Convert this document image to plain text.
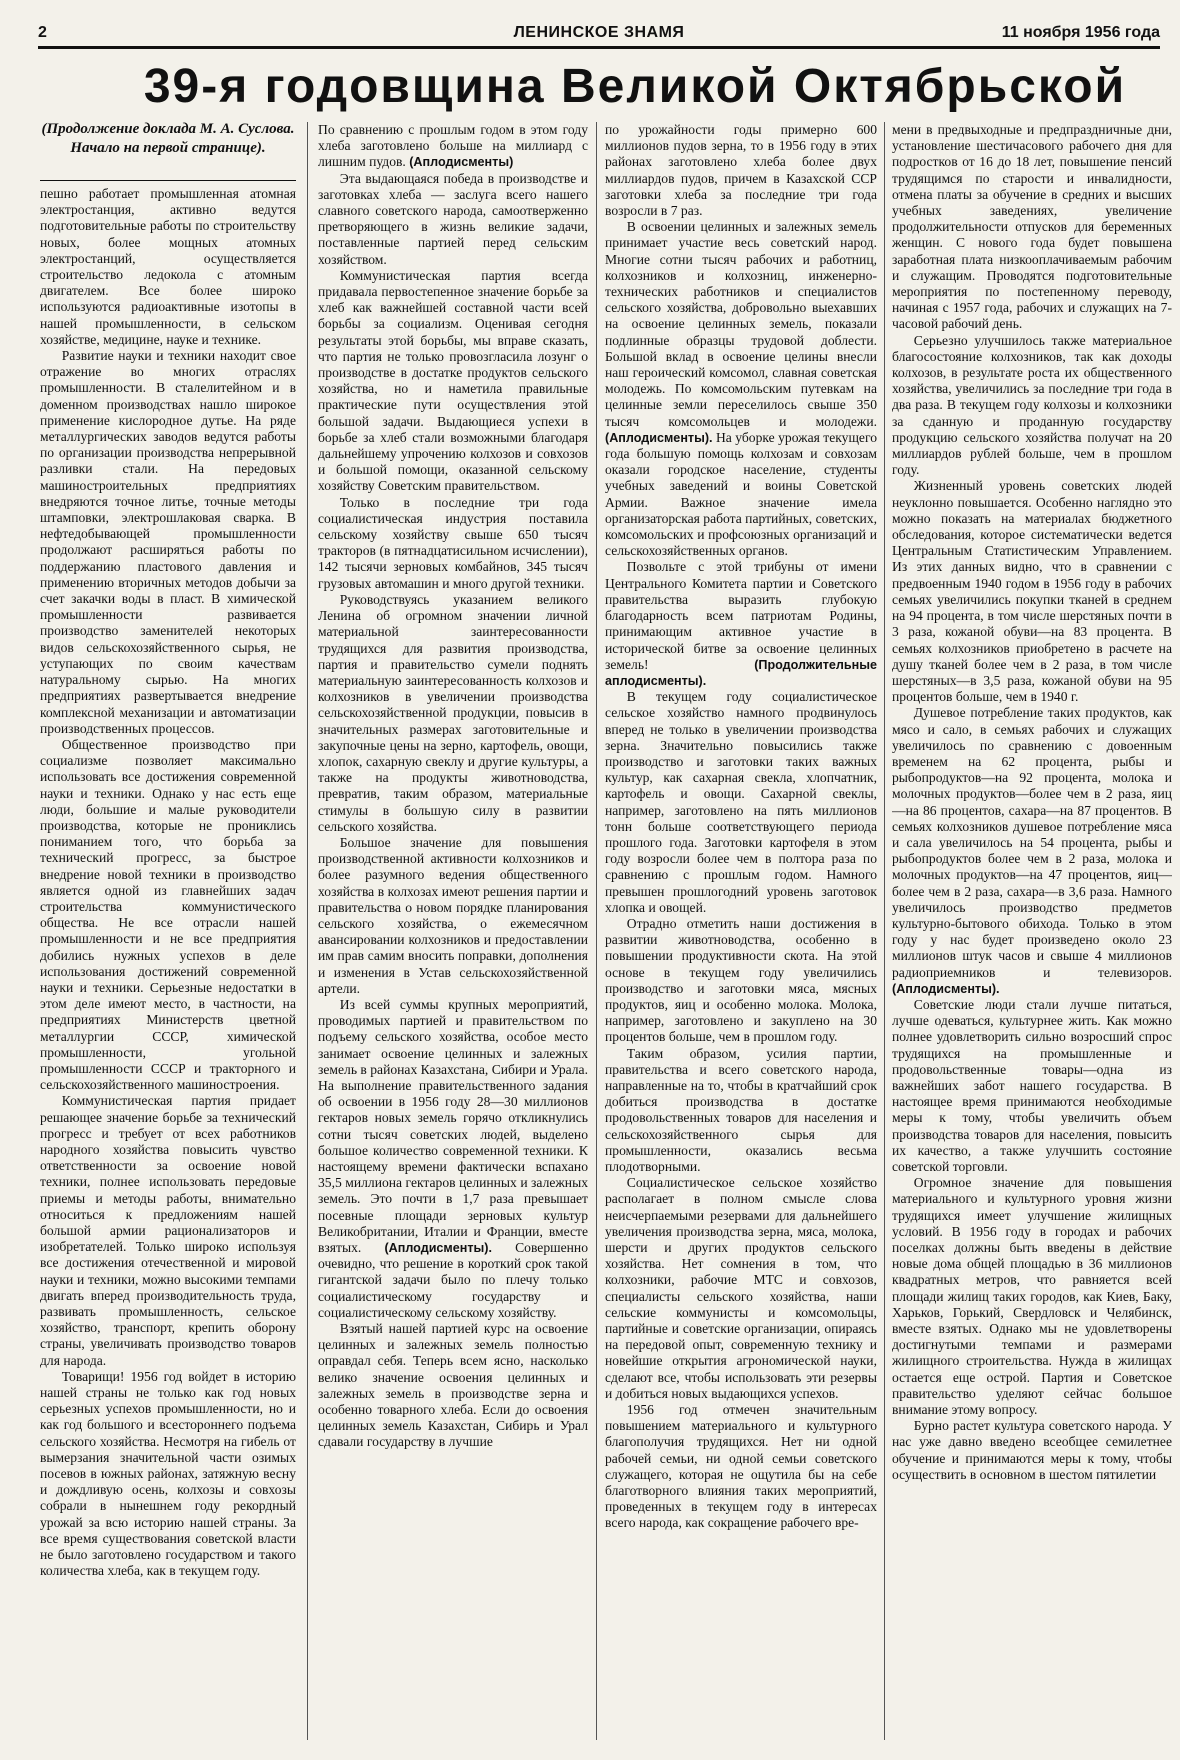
2	ЛЕНИНСКОЕ ЗНАМЯ	11 ноября 1956 года
39-я годовщина Великой Октябрьской
(Продолжение доклада М. А. Суслова. Начало на первой странице).

пешно работает промышленная атомная электростанция, активно ведутся подготовительные работы по строительству новых, более мощных атомных электростанций, осуществляется строительство ледокола с атомным двигателем. Все более широко используются радиоактивные изотопы в нашей промышленности, в сельском хозяйстве, медицине, науке и технике.

Развитие науки и техники находит свое отражение во многих отраслях промышленности. В сталелитейном и в доменном производствах нашло широкое применение кислородное дутье. На ряде металлургических заводов ведутся работы по организации производства непрерывной разливки стали. На передовых машиностроительных предприятиях внедряются точное литье, точные методы штамповки, электрошлаковая сварка. В нефтедобывающей промышленности продолжают расширяться работы по поддержанию пластового давления и применению вторичных методов добычи за счет закачки воды в пласт. В химической промышленности развивается производство заменителей некоторых видов сельскохозяйственного сырья, не уступающих по своим качествам натуральному сырью. На многих предприятиях развертывается внедрение комплексной механизации и автоматизации производственных процессов.

Общественное производство при социализме позволяет максимально использовать все достижения современной науки и техники. Однако у нас есть еще люди, большие и малые руководители производства, которые не прониклись пониманием того, что борьба за технический прогресс, за быстрое внедрение новой техники в производство является одной из главнейших задач строительства коммунистического общества. Не все отрасли нашей промышленности и не все предприятия добились нужных успехов в деле использования достижений современной науки и техники. Серьезные недостатки в этом деле имеют место, в частности, на предприятиях Министерств цветной металлургии СССР, химической промышленности, угольной промышленности СССР и тракторного и сельскохозяйственного машиностроения.

Коммунистическая партия придает решающее значение борьбе за технический прогресс и требует от всех работников народного хозяйства повысить чувство ответственности за освоение новой техники, полнее использовать передовые приемы и методы работы, внимательно относиться к предложениям нашей большой армии рационализаторов и изобретателей. Только широко используя все достижения отечественной и мировой науки и техники, можно высокими темпами двигать вперед производительность труда, развивать промышленность, сельское хозяйство, транспорт, крепить оборону страны, увеличивать производство товаров для народа.

Товарищи! 1956 год войдет в историю нашей страны не только как год новых серьезных успехов промышленности, но и как год большого и всестороннего подъема сельского хозяйства. Несмотря на гибель от вымерзания значительной части озимых посевов в южных районах, затяжную весну и дождливую осень, колхозы и совхозы собрали в нынешнем году рекордный урожай за всю историю нашей страны. За все время существования советской власти не было заготовлено государством и такого количества хлеба, как в текущем году.

По сравнению с прошлым годом в этом году хлеба заготовлено больше на миллиард с лишним пудов. (Аплодисменты)

Эта выдающаяся победа в производстве и заготовках хлеба — заслуга всего нашего славного советского народа, самоотверженно претворяющего в жизнь великие задачи, поставленные партией перед сельским хозяйством.

Коммунистическая партия всегда придавала первостепенное значение борьбе за хлеб как важнейшей составной части всей борьбы за социализм. Оценивая сегодня результаты этой борьбы, мы вправе сказать, что партия не только провозгласила лозунг о производстве в достатке продуктов сельского хозяйства, но и наметила правильные практические пути осуществления этой большой задачи. Выдающиеся успехи в борьбе за хлеб стали возможными благодаря дальнейшему упрочению колхозов и совхозов и большой помощи, оказанной сельскому хозяйству Советским правительством.

Только в последние три года социалистическая индустрия поставила сельскому хозяйству свыше 650 тысяч тракторов (в пятнадцатисильном исчислении), 142 тысячи зерновых комбайнов, 345 тысяч грузовых автомашин и много другой техники.

Руководствуясь указанием великого Ленина об огромном значении личной материальной заинтересованности трудящихся для развития производства, партия и правительство сумели поднять материальную заинтересованность колхозов и колхозников в увеличении производства сельскохозяйственной продукции, повысив в значительных размерах заготовительные и закупочные цены на зерно, картофель, овощи, хлопок, сахарную свеклу и другие культуры, а также на продукты животноводства, превратив, таким образом, материальные стимулы в большую силу в развитии сельского хозяйства.

Большое значение для повышения производственной активности колхозников и более разумного ведения общественного хозяйства в колхозах имеют решения партии и правительства о новом порядке планирования сельского хозяйства, о ежемесячном авансировании колхозников и предоставлении им прав самим вносить поправки, дополнения и изменения в Устав сельскохозяйственной артели.

Из всей суммы крупных мероприятий, проводимых партией и правительством по подъему сельского хозяйства, особое место занимает освоение целинных и залежных земель в районах Казахстана, Сибири и Урала. На выполнение правительственного задания об освоении в 1956 году 28—30 миллионов гектаров новых земель горячо откликнулись сотни тысяч советских людей, выделено большое количество современной техники. К настоящему времени фактически вспахано 35,5 миллиона гектаров целинных и залежных земель. Это почти в 1,7 раза превышает посевные площади зерновых культур Великобритании, Италии и Франции, вместе взятых. (Аплодисменты). Совершенно очевидно, что решение в короткий срок такой гигантской задачи было по плечу только социалистическому государству и социалистическому сельскому хозяйству.

Взятый нашей партией курс на освоение целинных и залежных земель полностью оправдал себя. Теперь всем ясно, насколько велико значение освоения целинных и залежных земель в производстве зерна и особенно товарного хлеба. Если до освоения целинных земель Казахстан, Сибирь и Урал сдавали государству в лучшие

по урожайности годы примерно 600 миллионов пудов зерна, то в 1956 году в этих районах заготовлено хлеба более двух миллиардов пудов, причем в Казахской ССР заготовки хлеба за последние три года возросли в 7 раз.

В освоении целинных и залежных земель принимает участие весь советский народ. Многие сотни тысяч рабочих и работниц, колхозников и колхозниц, инженерно-технических работников и специалистов сельского хозяйства, добровольно выехавших на освоение целинных земель, показали подлинные образцы трудовой доблести. Большой вклад в освоение целины внесли наш героический комсомол, славная советская молодежь. По комсомольским путевкам на целинные земли переселилось свыше 350 тысяч комсомольцев и молодежи. (Аплодисменты). На уборке урожая текущего года большую помощь колхозам и совхозам оказали городское население, студенты учебных заведений и воины Советской Армии. Важное значение имела организаторская работа партийных, советских, комсомольских и профсоюзных организаций и сельскохозяйственных органов.

Позвольте с этой трибуны от имени Центрального Комитета партии и Советского правительства выразить глубокую благодарность всем патриотам Родины, принимающим активное участие в исторической битве за освоение целинных земель!	(Продолжительные аплодисменты).

В текущем году социалистическое сельское хозяйство намного продвинулось вперед не только в увеличении производства зерна. Значительно повысились также производство и заготовки таких важных культур, как сахарная свекла, хлопчатник, картофель и овощи. Сахарной свеклы, например, заготовлено на пять миллионов тонн больше соответствующего периода прошлого года. Заготовки картофеля в этом году возросли более чем в полтора раза по сравнению с прошлым годом. Намного превышен прошлогодний уровень заготовок хлопка и овощей.

Отрадно отметить наши достижения в развитии животноводства, особенно в повышении продуктивности скота. На этой основе в текущем году увеличились производство и заготовки мяса, мясных продуктов, яиц и особенно молока. Молока, например, заготовлено и закуплено на 30 процентов больше, чем в прошлом году.

Таким образом, усилия партии, правительства и всего советского народа, направленные на то, чтобы в кратчайший срок добиться производства в достатке продовольственных товаров для населения и сельскохозяйственного сырья для промышленности, оказались весьма плодотворными.

Социалистическое сельское хозяйство располагает в полном смысле слова неисчерпаемыми резервами для дальнейшего увеличения производства зерна, мяса, молока, шерсти и других продуктов сельского хозяйства. Нет сомнения в том, что колхозники, рабочие МТС и совхозов, специалисты сельского хозяйства, наши сельские коммунисты и комсомольцы, партийные и советские организации, опираясь на передовой опыт, современную технику и новейшие открытия агрономической науки, сделают все, чтобы использовать эти резервы и добиться новых выдающихся успехов.

1956 год отмечен значительным повышением материального и культурного благополучия трудящихся. Нет ни одной рабочей семьи, ни одной семьи советского служащего, которая не ощутила бы на себе благотворного влияния таких мероприятий, проведенных в текущем году в интересах всего народа, как сокращение рабочего вре-

мени в предвыходные и предпраздничные дни, установление шестичасового рабочего дня для подростков от 16 до 18 лет, повышение пенсий трудящимся по старости и инвалидности, отмена платы за обучение в средних и высших учебных заведениях, увеличение продолжительности отпусков для беременных женщин. С нового года будет повышена заработная плата низкооплачиваемым рабочим и служащим. Проводятся подготовительные мероприятия по постепенному переводу, начиная с 1957 года, рабочих и служащих на 7-часовой рабочий день.

Серьезно улучшилось также материальное благосостояние колхозников, так как доходы колхозов, в результате роста их общественного хозяйства, увеличились за последние три года в два раза. В текущем году колхозы и колхозники за сданную и проданную государству продукцию сельского хозяйства получат на 20 миллиардов рублей больше, чем в прошлом году.

Жизненный уровень советских людей неуклонно повышается. Особенно наглядно это можно показать на материалах бюджетного обследования, которое систематически ведется Центральным Статистическим Управлением. Из этих данных видно, что в сравнении с предвоенным 1940 годом в 1956 году в рабочих семьях увеличились покупки тканей в среднем на 94 процента, в том числе шерстяных почти в 3 раза, кожаной обуви—на 83 процента. В семьях колхозников приобретено в расчете на душу тканей более чем в 2 раза, в том числе шерстяных—в 3,5 раза, кожаной обуви на 95 процентов больше, чем в 1940 г.

Душевое потребление таких продуктов, как мясо и сало, в семьях рабочих и служащих увеличилось по сравнению с довоенным временем на 62 процента, рыбы и рыбопродуктов—на 92 процента, молока и молочных продуктов—более чем в 2 раза, яиц—на 86 процентов, сахара—на 87 процентов. В семьях колхозников душевое потребление мяса и сала увеличилось на 54 процента, рыбы и рыбопродуктов более чем в 2 раза, молока и молочных продуктов—на 47 процентов, яиц—более чем в 2 раза, сахара—в 3,6 раза. Намного увеличилось производство предметов культурно-бытового обихода. Только в этом году у нас будет произведено около 23 миллионов штук часов и свыше 4 миллионов радиоприемников и телевизоров. (Аплодисменты).

Советские люди стали лучше питаться, лучше одеваться, культурнее жить. Как можно полнее удовлетворить сильно возросший спрос трудящихся на промышленные и продовольственные товары—одна из важнейших забот нашего государства. В настоящее время принимаются необходимые меры к тому, чтобы увеличить объем производства товаров для населения, повысить их качество, а также улучшить состояние советской торговли.

Огромное значение для повышения материального и культурного уровня жизни трудящихся имеет улучшение жилищных условий. В 1956 году в городах и рабочих поселках должны быть введены в действие новые дома общей площадью в 36 миллионов квадратных метров, что равняется всей площади жилищ таких городов, как Киев, Баку, Харьков, Горький, Свердловск и Челябинск, вместе взятых. Однако мы не удовлетворены достигнутыми темпами и размерами жилищного строительства. Нужда в жилищах остается еще острой. Партия и Советское правительство уделяют сейчас большое внимание этому вопросу.

Бурно растет культура советского народа. У нас уже давно введено всеобщее семилетнее обучение и принимаются меры к тому, чтобы осуществить в основном в шестом пятилетии
